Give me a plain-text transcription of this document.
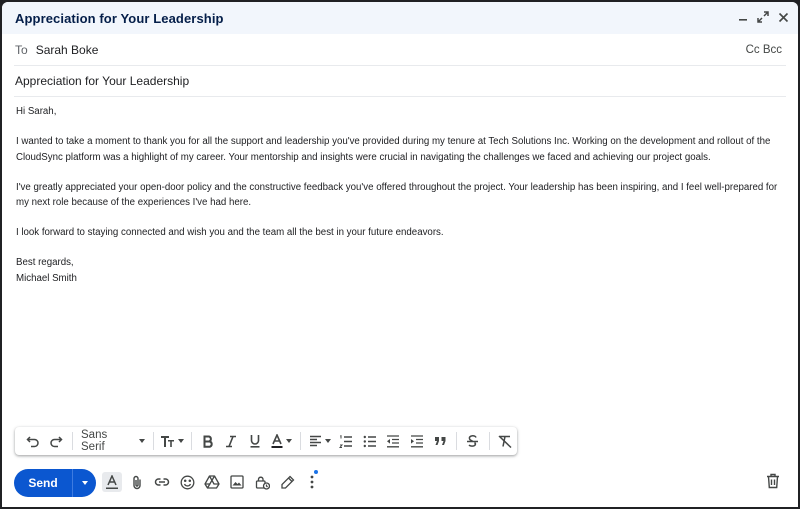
Appreciation for Your Leadership
To Sarah Boke	Cc Bcc
Appreciation for Your Leadership

Hi Sarah,

I wanted to take a moment to thank you for all the support and leadership you've provided during my tenure at Tech Solutions Inc. Working on the development and rollout of the CloudSync platform was a highlight of my career. Your mentorship and insights were crucial in navigating the challenges we faced and achieving our project goals.

I've greatly appreciated your open-door policy and the constructive feedback you've offered throughout the project. Your leadership has been inspiring, and I feel well-prepared for my next role because of the experiences I've had here.

I look forward to staying connected and wish you and the team all the best in your future endeavors.

Best regards,
Michael Smith
Sans Serif
Send
